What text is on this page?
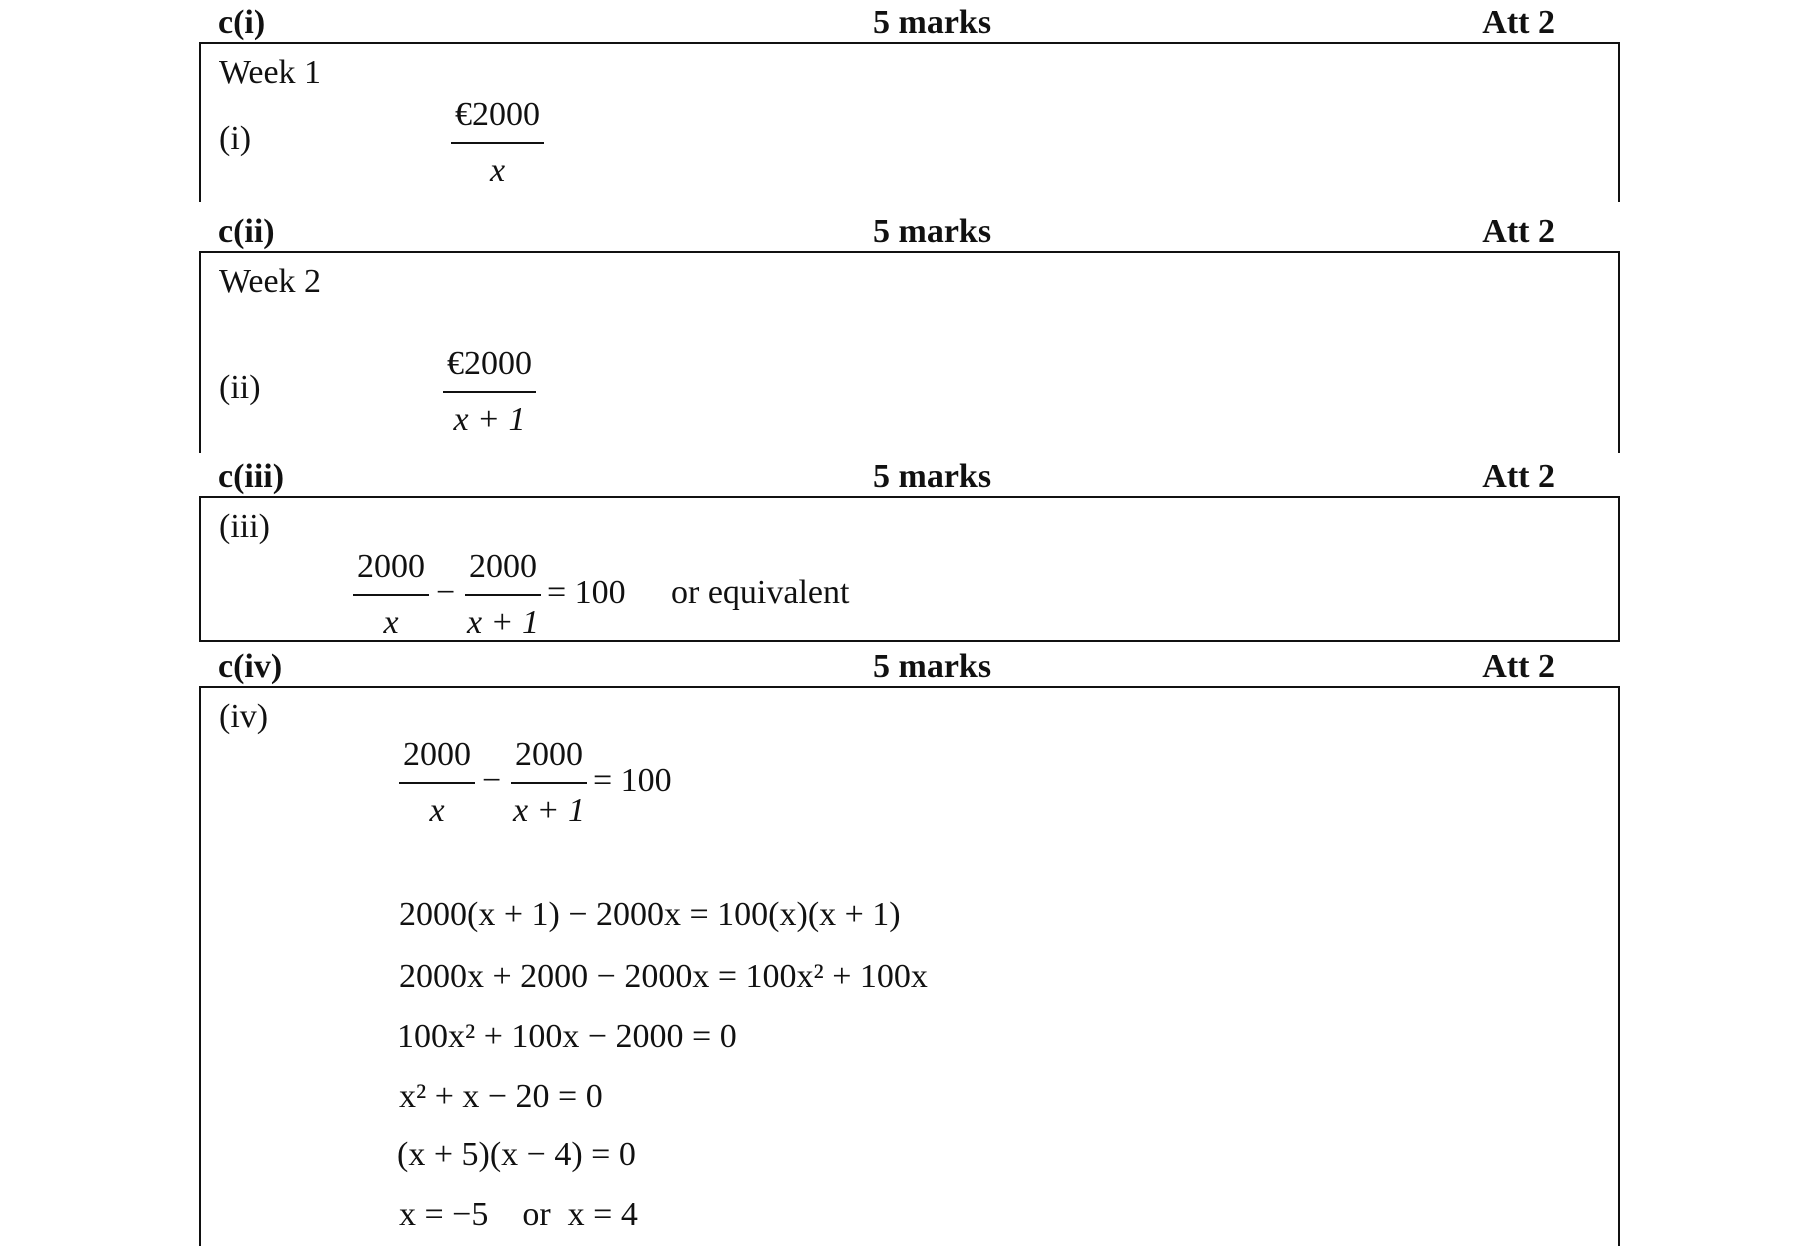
c(i)	5 marks	Att 2
Week 1
(i)
€2000
x
c(ii)	5 marks	Att 2
Week 2
(ii)
€2000
x + 1
c(iii)	5 marks	Att 2
(iii)
2000
x
−
2000
x + 1
= 100 or equivalent
c(iv)	5 marks	Att 2
(iv)
2000
x
−
2000
x + 1
= 100
2000(x + 1) − 2000x = 100(x)(x + 1)
2000x + 2000 − 2000x = 100x² + 100x
100x² + 100x − 2000 = 0
x² + x − 20 = 0
(x + 5)(x − 4) = 0
x = −5    or  x = 4
